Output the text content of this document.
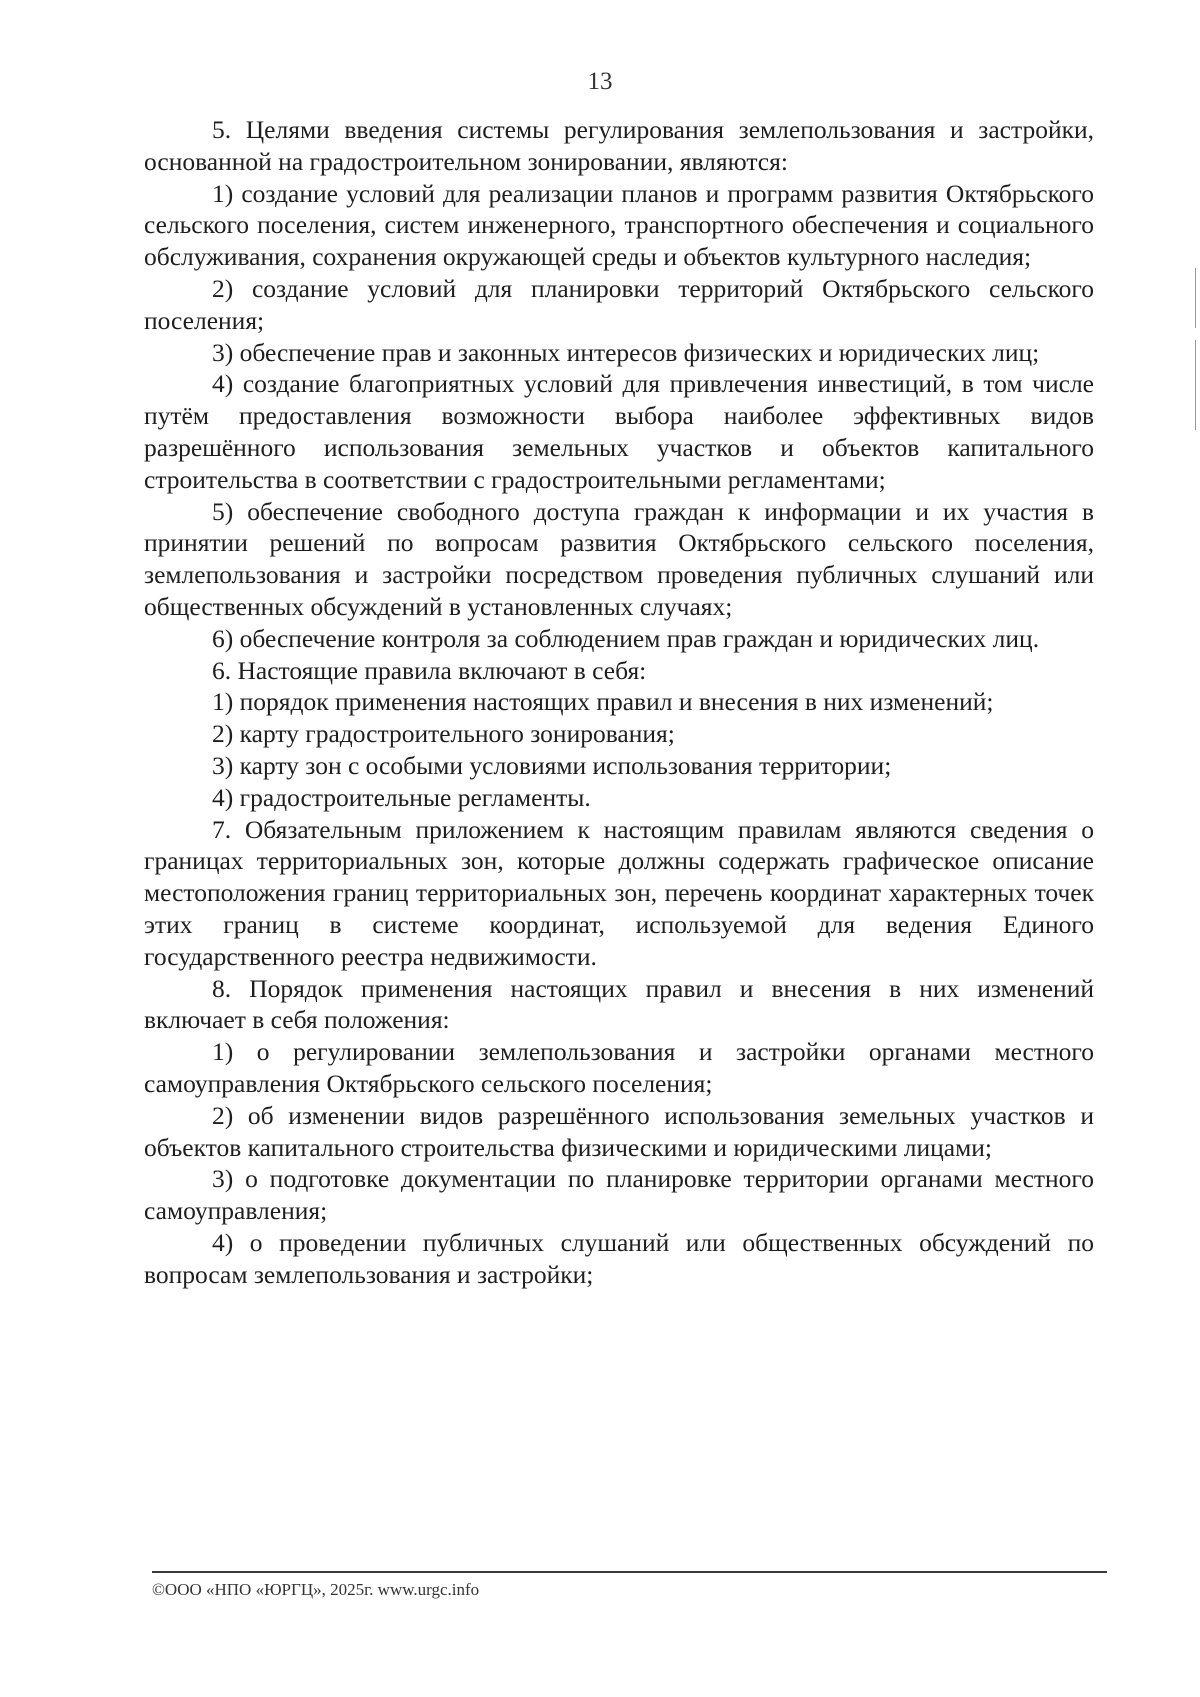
13

5. Целями введения системы регулирования землепользования и застройки, основанной на градостроительном зонировании, являются:

1) создание условий для реализации планов и программ развития Октябрьского сельского поселения, систем инженерного, транспортного обеспечения и социального обслуживания, сохранения окружающей среды и объектов культурного наследия;

2) создание условий для планировки территорий Октябрьского сельского поселения;

3) обеспечение прав и законных интересов физических и юридических лиц;

4) создание благоприятных условий для привлечения инвестиций, в том числе путём предоставления возможности выбора наиболее эффективных видов разрешённого использования земельных участков и объектов капитального строительства в соответствии с градостроительными регламентами;

5) обеспечение свободного доступа граждан к информации и их участия в принятии решений по вопросам развития Октябрьского сельского поселения, землепользования и застройки посредством проведения публичных слушаний или общественных обсуждений в установленных случаях;

6) обеспечение контроля за соблюдением прав граждан и юридических лиц.

6. Настоящие правила включают в себя:

1) порядок применения настоящих правил и внесения в них изменений;

2) карту градостроительного зонирования;

3) карту зон с особыми условиями использования территории;

4) градостроительные регламенты.

7. Обязательным приложением к настоящим правилам являются сведения о границах территориальных зон, которые должны содержать графическое описание местоположения границ территориальных зон, перечень координат характерных точек этих границ в системе координат, используемой для ведения Единого государственного реестра недвижимости.

8. Порядок применения настоящих правил и внесения в них изменений включает в себя положения:

1) о регулировании землепользования и застройки органами местного самоуправления Октябрьского сельского поселения;

2) об изменении видов разрешённого использования земельных участков и объектов капитального строительства физическими и юридическими лицами;

3) о подготовке документации по планировке территории органами местного самоуправления;

4) о проведении публичных слушаний или общественных обсуждений по вопросам землепользования и застройки;

©ООО «НПО «ЮРГЦ», 2025г. www.urgc.info
